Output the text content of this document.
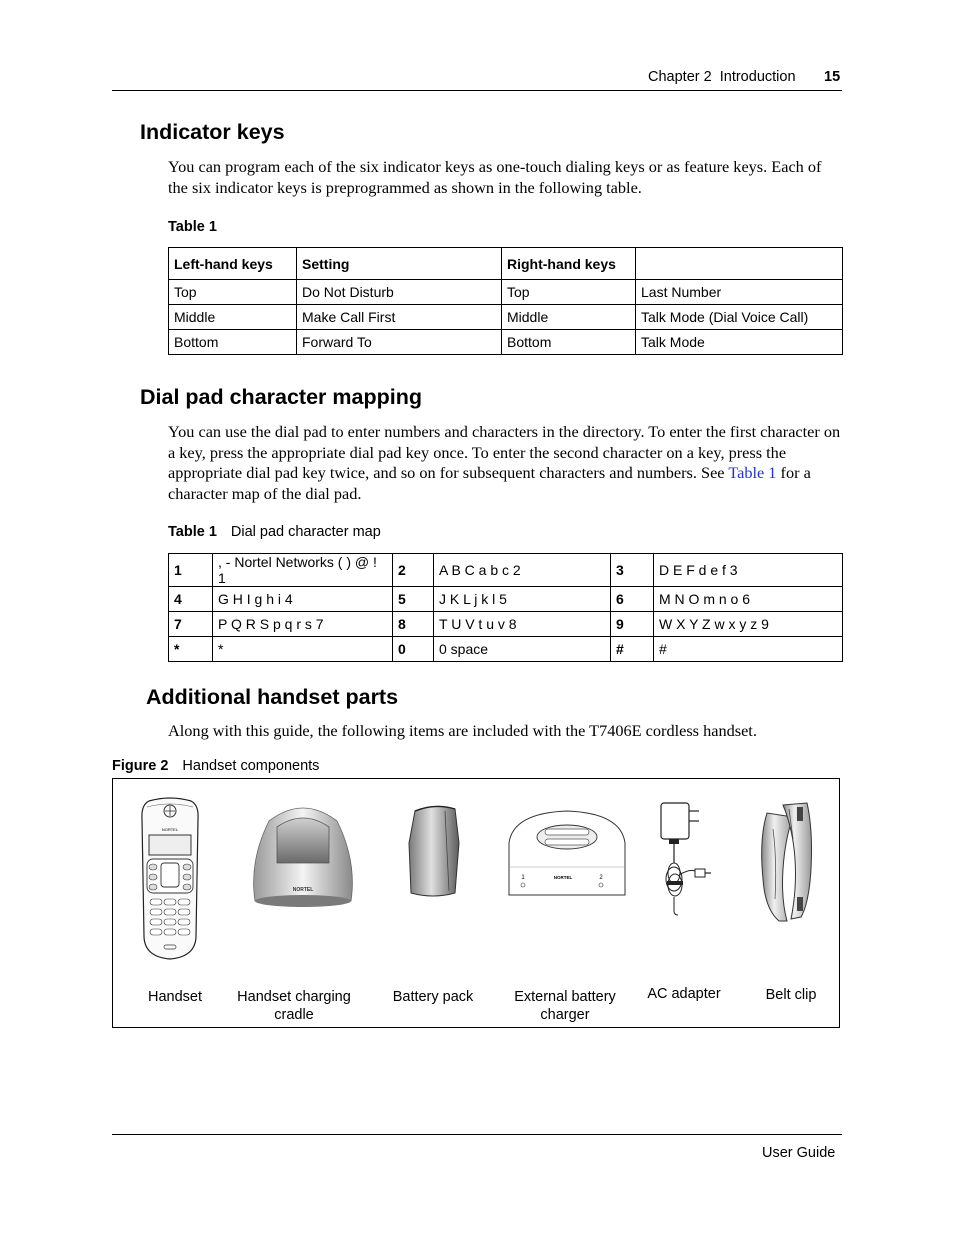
Chapter 2  Introduction 15
Indicator keys
You can program each of the six indicator keys as one-touch dialing keys or as feature keys. Each of the six indicator keys is preprogrammed as shown in the following table.
Table 1
Left-hand keys	Setting	Right-hand keys	
Top	Do Not Disturb	Top	Last Number
Middle	Make Call First	Middle	Talk Mode (Dial Voice Call)
Bottom	Forward To	Bottom	Talk Mode
Dial pad character mapping
You can use the dial pad to enter numbers and characters in the directory. To enter the first character on a key, press the appropriate dial pad key once. To enter the second character on a key, press the appropriate dial pad key twice, and so on for subsequent characters and numbers. See Table 1 for a character map of the dial pad.
Table 1 Dial pad character map
1	, - Nortel Networks ( ) @ ! 1	2	A B C a b c 2	3	D E F d e f 3
4	G H I g h i 4	5	J K L j k l 5	6	M N O m n o 6
7	P Q R S p q r s 7	8	T U V t u v 8	9	W X Y Z w x y z 9
*	*	0	0 space	#	#
Additional handset parts
Along with this guide, the following items are included with the T7406E cordless handset.
Figure 2 Handset components
NORTEL
Handset
NORTEL
Handset charging cradle
Battery pack
1	2
NORTEL
External battery charger
AC adapter	Belt clip
User Guide
